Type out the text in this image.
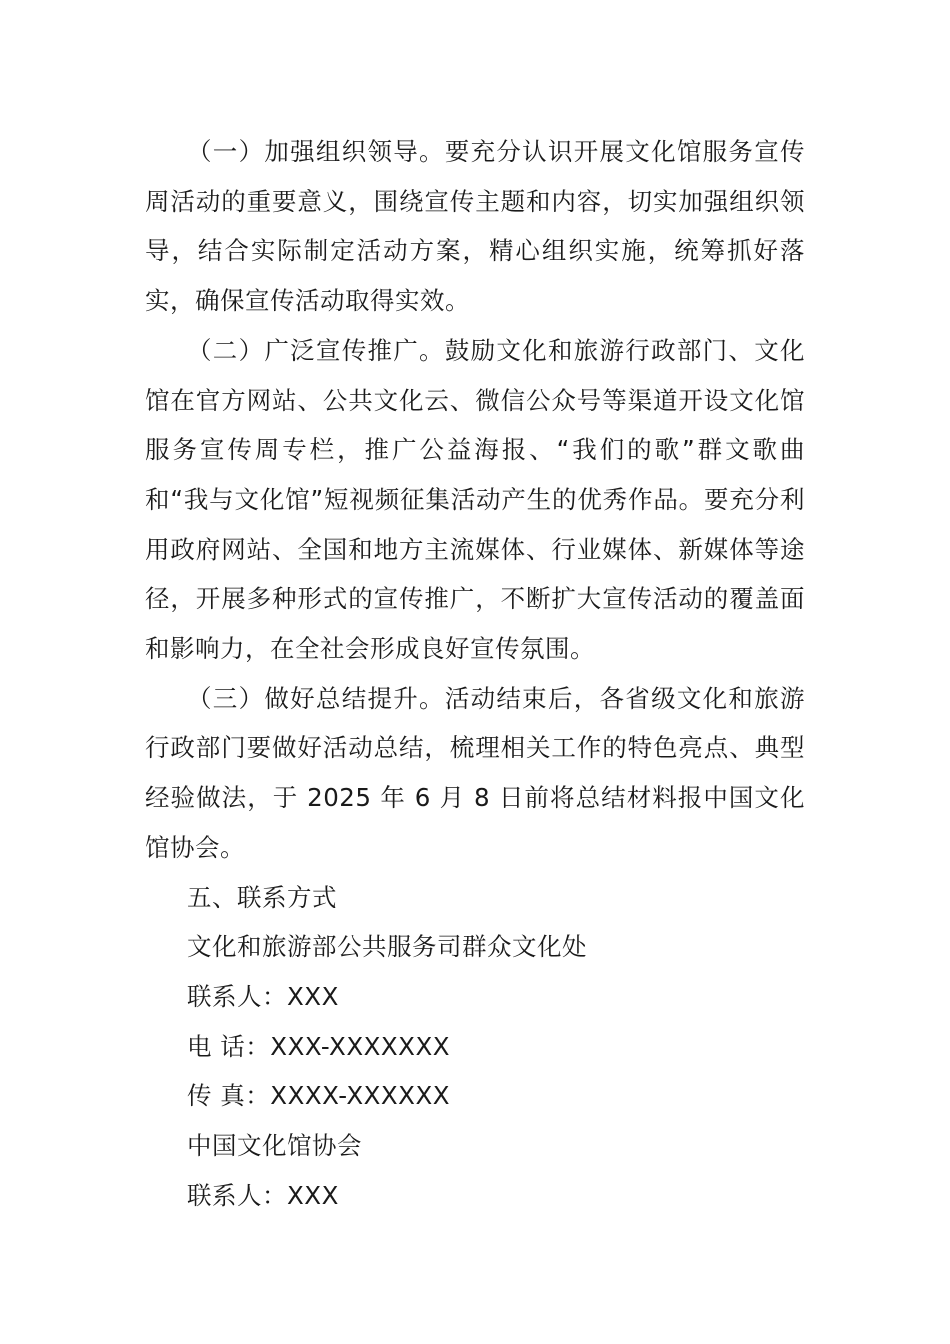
（一）加强组织领导。要充分认识开展文化馆服务宣传周活动的重要意义，围绕宣传主题和内容，切实加强组织领导，结合实际制定活动方案，精心组织实施，统筹抓好落实，确保宣传活动取得实效。

（二）广泛宣传推广。鼓励文化和旅游行政部门、文化馆在官方网站、公共文化云、微信公众号等渠道开设文化馆服务宣传周专栏，推广公益海报、“我们的歌”群文歌曲和“我与文化馆”短视频征集活动产生的优秀作品。要充分利用政府网站、全国和地方主流媒体、行业媒体、新媒体等途径，开展多种形式的宣传推广，不断扩大宣传活动的覆盖面和影响力，在全社会形成良好宣传氛围。

（三）做好总结提升。活动结束后，各省级文化和旅游行政部门要做好活动总结，梳理相关工作的特色亮点、典型经验做法，于 2025 年 6 月 8 日前将总结材料报中国文化馆协会。

五、联系方式

文化和旅游部公共服务司群众文化处

联系人：XXX

电 话：XXX-XXXXXXX

传 真：XXXX-XXXXXX

中国文化馆协会

联系人：XXX
